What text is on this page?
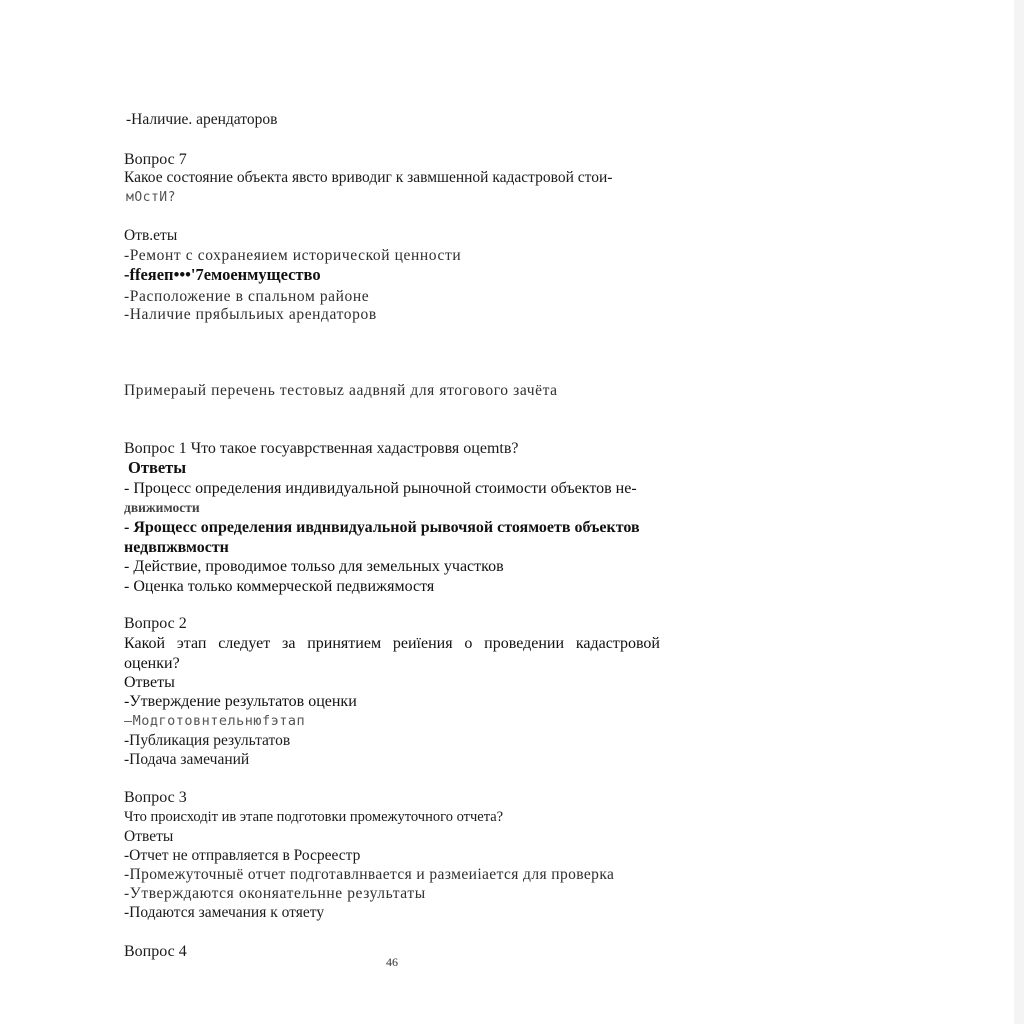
-Наличие. арендаторов
Вопрос 7
Какое состояние объекта явсто вриводиг к завмшенной кадастровой стои-
мОстИ?
Отв.еты
-Ремонт с сохранеяием исторической ценности
-ffеяеп•••'7емоенмущество
-Расположение в спальном районе
-Наличие прябыльиых арендаторов
Примераый перечень тестовыz аадвняй для ятогового зачёта
Вопрос 1 Что такое госуаврственная хадастроввя оцеmtв?
Ответы
- Процесс определения индивидуальной рыночной стоимости объектов не-
движимости
- Ярощесс определения ивднвидуальной рывочяой стоямоетв объектов
недвпжвмостн
- Действие, проводимое тольsо для земельных участков
- Оценка только коммерческой педвижямостя
Вопрос 2
Какой этап следует за принятием реиїения о проведении кадастровой
оценки?
Ответы
-Утверждение результатов оценки
–Модготовнтельнюfэтап
-Публикация результатов
-Подача замечаний
Вопрос 3
Что происходiт ив этапе подготовки промежуточного отчета?
Ответы
-Отчет не отправляется в Росреестр
-Промежуточныё отчет подготавлнвается и размеиіается для проверка
-Утверждаются оконяательнне результаты
-Подаются замечания к отяету
Вопрос 4
46
